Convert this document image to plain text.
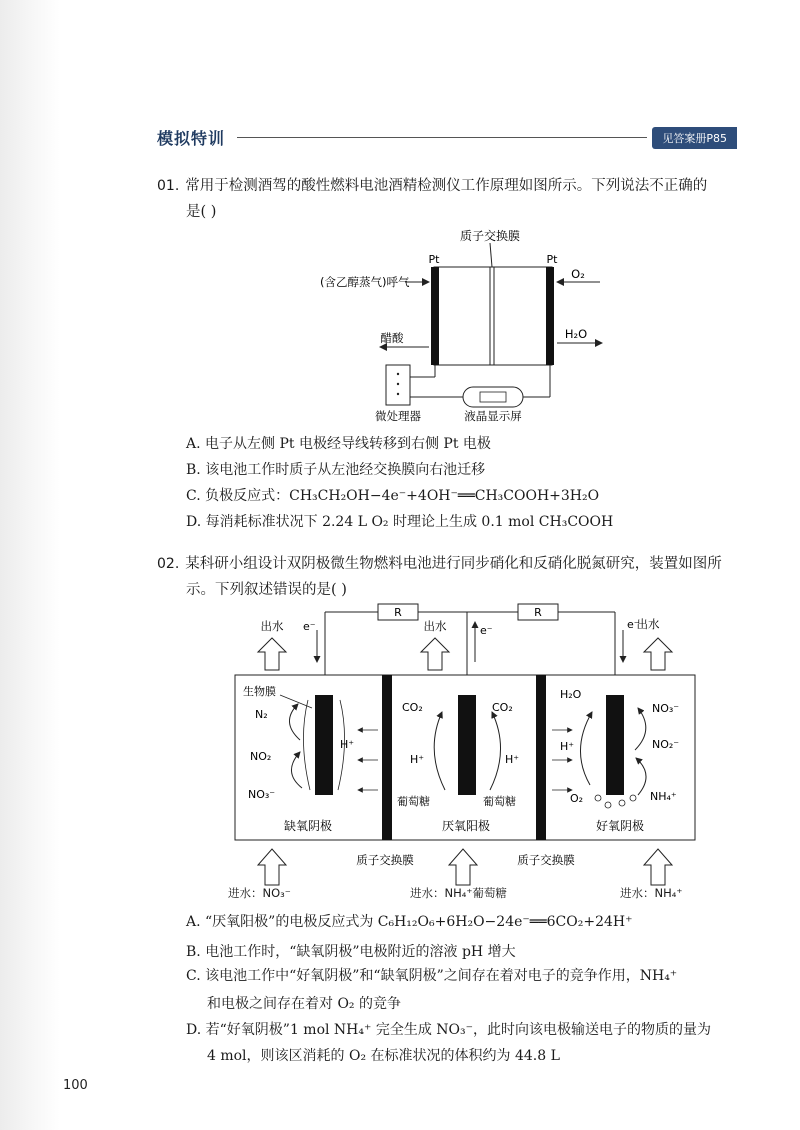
模拟特训	见答案册P85
01. 常用于检测酒驾的酸性燃料电池酒精检测仪工作原理如图所示。下列说法不正确的
是( )
质子交换膜
Pt	Pt
(含乙醇蒸气)呼气
醋酸
O₂
H₂O
微处理器	液晶显示屏
A. 电子从左侧 Pt 电极经导线转移到右侧 Pt 电极
B. 该电池工作时质子从左池经交换膜向右池迁移
C. 负极反应式：CH₃CH₂OH−4e⁻+4OH⁻══CH₃COOH+3H₂O
D. 每消耗标准状况下 2.24 L O₂ 时理论上生成 0.1 mol CH₃COOH
02. 某科研小组设计双阴极微生物燃料电池进行同步硝化和反硝化脱氮研究，装置如图所
示。下列叙述错误的是( )
R	R
e⁻	e⁻	e⁻
出水	出水	出水
生物膜
N₂
NO₂
NO₃⁻
H⁺
CO₂	CO₂
H⁺	H⁺
葡萄糖	葡萄糖
H₂O
NO₃⁻
NO₂⁻
H⁺
O₂	NH₄⁺
缺氧阴极	厌氧阳极	好氧阴极
质子交换膜	质子交换膜
进水：NO₃⁻	进水：NH₄⁺葡萄糖	进水：NH₄⁺
A. “厌氧阳极”的电极反应式为 C₆H₁₂O₆+6H₂O−24e⁻══6CO₂+24H⁺
B. 电池工作时，“缺氧阴极”电极附近的溶液 pH 增大
C. 该电池工作中“好氧阴极”和“缺氧阴极”之间存在着对电子的竞争作用，NH₄⁺
和电极之间存在着对 O₂ 的竞争
D. 若“好氧阴极”1 mol NH₄⁺ 完全生成 NO₃⁻，此时向该电极输送电子的物质的量为
4 mol，则该区消耗的 O₂ 在标准状况的体积约为 44.8 L
100
